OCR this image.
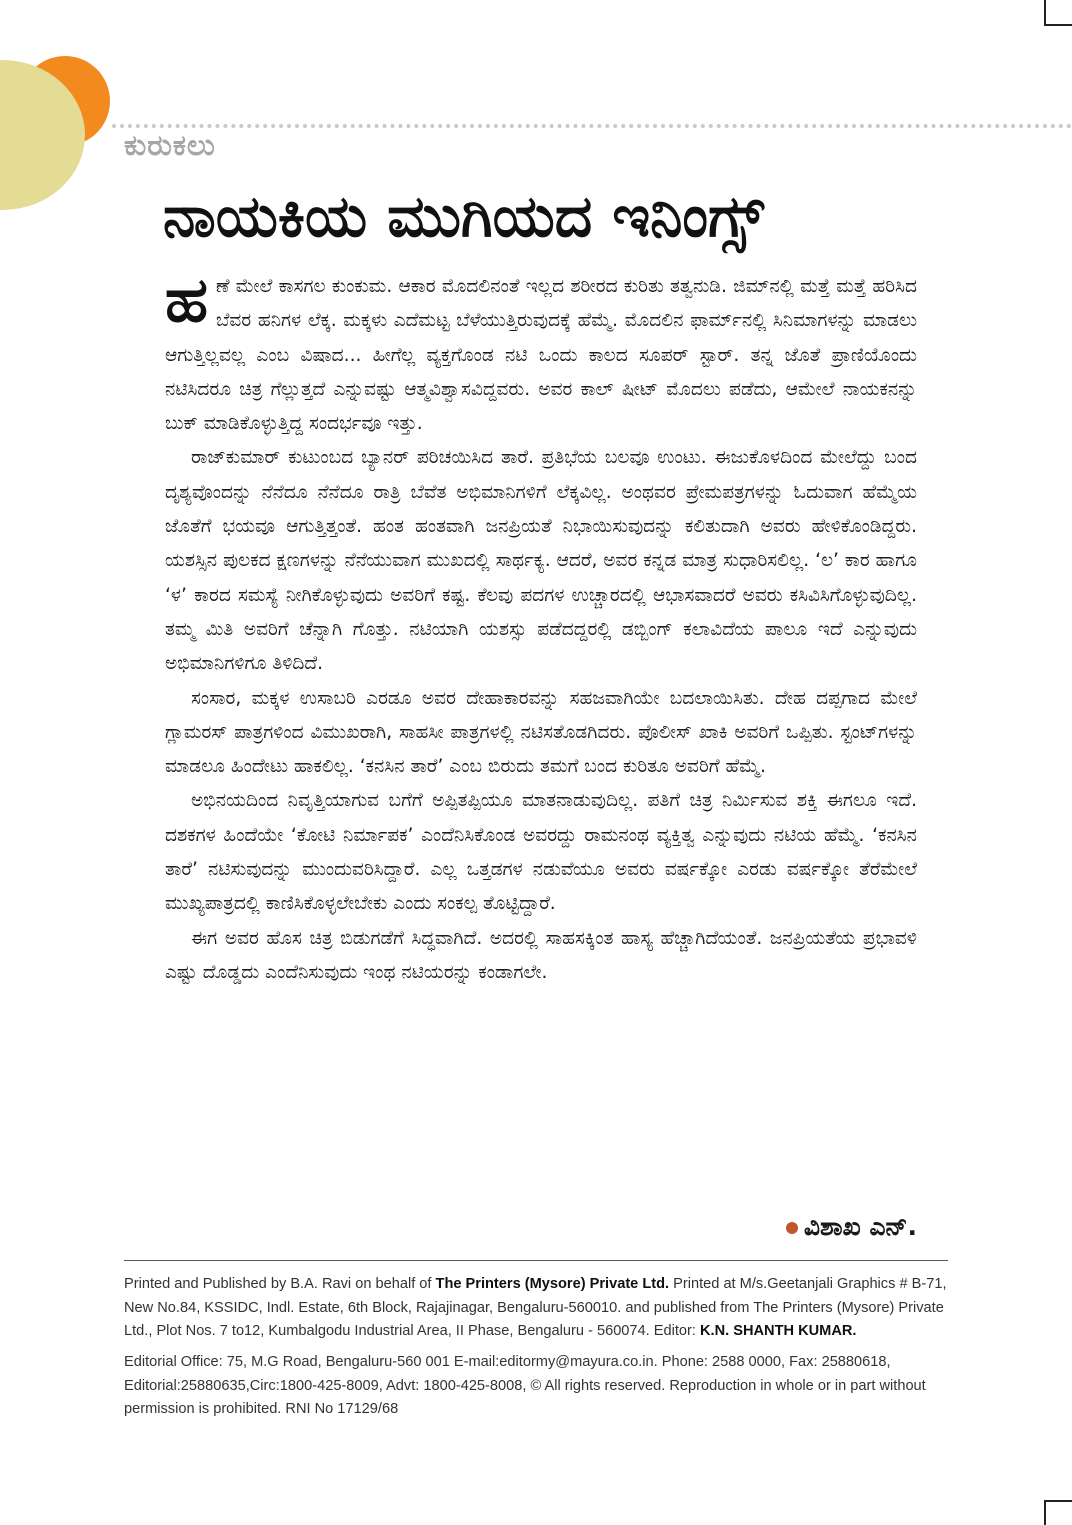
ಕುರುಕಲು
ನಾಯಕಿಯ ಮುಗಿಯದ ಇನಿಂಗ್ಸ್

ಹಣೆ ಮೇಲೆ ಕಾಸಗಲ ಕುಂಕುಮ. ಆಕಾರ ಮೊದಲಿನಂತೆ ಇಲ್ಲದ ಶರೀರದ ಕುರಿತು ತತ್ವನುಡಿ. ಜಿಮ್‌ನಲ್ಲಿ ಮತ್ತೆ ಮತ್ತೆ ಹರಿಸಿದ ಬೆವರ ಹನಿಗಳ ಲೆಕ್ಕ. ಮಕ್ಕಳು ಎದೆಮಟ್ಟ ಬೆಳೆಯುತ್ತಿರುವುದಕ್ಕೆ ಹೆಮ್ಮೆ. ಮೊದಲಿನ ಫಾರ್ಮ್‌ನಲ್ಲಿ ಸಿನಿಮಾಗಳನ್ನು ಮಾಡಲು ಆಗುತ್ತಿಲ್ಲವಲ್ಲ ಎಂಬ ವಿಷಾದ... ಹೀಗೆಲ್ಲ ವ್ಯಕ್ತಗೊಂಡ ನಟಿ ಒಂದು ಕಾಲದ ಸೂಪರ್ ಸ್ಟಾರ್. ತನ್ನ ಜೊತೆ ಪ್ರಾಣಿಯೊಂದು ನಟಿಸಿದರೂ ಚಿತ್ರ ಗೆಲ್ಲುತ್ತದೆ ಎನ್ನುವಷ್ಟು ಆತ್ಮವಿಶ್ವಾಸವಿದ್ದವರು. ಅವರ ಕಾಲ್ ಷೀಟ್ ಮೊದಲು ಪಡೆದು, ಆಮೇಲೆ ನಾಯಕನನ್ನು ಬುಕ್ ಮಾಡಿಕೊಳ್ಳುತ್ತಿದ್ದ ಸಂದರ್ಭವೂ ಇತ್ತು.

ರಾಜ್‌ಕುಮಾರ್ ಕುಟುಂಬದ ಬ್ಯಾನರ್ ಪರಿಚಯಿಸಿದ ತಾರೆ. ಪ್ರತಿಭೆಯ ಬಲವೂ ಉಂಟು. ಈಜುಕೊಳದಿಂದ ಮೇಲೆದ್ದು ಬಂದ ದೃಶ್ಯವೊಂದನ್ನು ನೆನೆದೂ ನೆನೆದೂ ರಾತ್ರಿ ಬೆವೆತ ಅಭಿಮಾನಿಗಳಿಗೆ ಲೆಕ್ಕವಿಲ್ಲ. ಅಂಥವರ ಪ್ರೇಮಪತ್ರಗಳನ್ನು ಓದುವಾಗ ಹೆಮ್ಮೆಯ ಜೊತೆಗೆ ಭಯವೂ ಆಗುತ್ತಿತ್ತಂತೆ. ಹಂತ ಹಂತವಾಗಿ ಜನಪ್ರಿಯತೆ ನಿಭಾಯಿಸುವುದನ್ನು ಕಲಿತುದಾಗಿ ಅವರು ಹೇಳಿಕೊಂಡಿದ್ದರು. ಯಶಸ್ಸಿನ ಪುಲಕದ ಕ್ಷಣಗಳನ್ನು ನೆನೆಯುವಾಗ ಮುಖದಲ್ಲಿ ಸಾರ್ಥಕ್ಯ. ಆದರೆ, ಅವರ ಕನ್ನಡ ಮಾತ್ರ ಸುಧಾರಿಸಲಿಲ್ಲ. ‘ಲ’ ಕಾರ ಹಾಗೂ ‘ಳ’ ಕಾರದ ಸಮಸ್ಯೆ ನೀಗಿಕೊಳ್ಳುವುದು ಅವರಿಗೆ ಕಷ್ಟ. ಕೆಲವು ಪದಗಳ ಉಚ್ಚಾರದಲ್ಲಿ ಆಭಾಸವಾದರೆ ಅವರು ಕಸಿವಿಸಿಗೊಳ್ಳುವುದಿಲ್ಲ. ತಮ್ಮ ಮಿತಿ ಅವರಿಗೆ ಚೆನ್ನಾಗಿ ಗೊತ್ತು. ನಟಿಯಾಗಿ ಯಶಸ್ಸು ಪಡೆದದ್ದರಲ್ಲಿ ಡಬ್ಬಿಂಗ್ ಕಲಾವಿದೆಯ ಪಾಲೂ ಇದೆ ಎನ್ನುವುದು ಅಭಿಮಾನಿಗಳಿಗೂ ತಿಳಿದಿದೆ.

ಸಂಸಾರ, ಮಕ್ಕಳ ಉಸಾಬರಿ ಎರಡೂ ಅವರ ದೇಹಾಕಾರವನ್ನು ಸಹಜವಾಗಿಯೇ ಬದಲಾಯಿಸಿತು. ದೇಹ ದಪ್ಪಗಾದ ಮೇಲೆ ಗ್ಲಾಮರಸ್ ಪಾತ್ರಗಳಿಂದ ವಿಮುಖರಾಗಿ, ಸಾಹಸೀ ಪಾತ್ರಗಳಲ್ಲಿ ನಟಿಸತೊಡಗಿದರು. ಪೊಲೀಸ್ ಖಾಕಿ ಅವರಿಗೆ ಒಪ್ಪಿತು. ಸ್ಟಂಟ್‌ಗಳನ್ನು ಮಾಡಲೂ ಹಿಂದೇಟು ಹಾಕಲಿಲ್ಲ. ‘ಕನಸಿನ ತಾರೆ’ ಎಂಬ ಬಿರುದು ತಮಗೆ ಬಂದ ಕುರಿತೂ ಅವರಿಗೆ ಹೆಮ್ಮೆ.

ಅಭಿನಯದಿಂದ ನಿವೃತ್ತಿಯಾಗುವ ಬಗೆಗೆ ಅಪ್ಪಿತಪ್ಪಿಯೂ ಮಾತನಾಡುವುದಿಲ್ಲ. ಪತಿಗೆ ಚಿತ್ರ ನಿರ್ಮಿಸುವ ಶಕ್ತಿ ಈಗಲೂ ಇದೆ. ದಶಕಗಳ ಹಿಂದೆಯೇ ‘ಕೋಟಿ ನಿರ್ಮಾಪಕ’ ಎಂದೆನಿಸಿಕೊಂಡ ಅವರದ್ದು ರಾಮನಂಥ ವ್ಯಕ್ತಿತ್ವ ಎನ್ನುವುದು ನಟಿಯ ಹೆಮ್ಮೆ. ‘ಕನಸಿನ ತಾರೆ’ ನಟಿಸುವುದನ್ನು ಮುಂದುವರಿಸಿದ್ದಾರೆ. ಎಲ್ಲ ಒತ್ತಡಗಳ ನಡುವೆಯೂ ಅವರು ವರ್ಷಕ್ಕೋ ಎರಡು ವರ್ಷಕ್ಕೋ ತೆರೆಮೇಲೆ ಮುಖ್ಯಪಾತ್ರದಲ್ಲಿ ಕಾಣಿಸಿಕೊಳ್ಳಲೇಬೇಕು ಎಂದು ಸಂಕಲ್ಪ ತೊಟ್ಟಿದ್ದಾರೆ.

ಈಗ ಅವರ ಹೊಸ ಚಿತ್ರ ಬಿಡುಗಡೆಗೆ ಸಿದ್ಧವಾಗಿದೆ. ಅದರಲ್ಲಿ ಸಾಹಸಕ್ಕಿಂತ ಹಾಸ್ಯ ಹೆಚ್ಚಾಗಿದೆಯಂತೆ. ಜನಪ್ರಿಯತೆಯ ಪ್ರಭಾವಳಿ ಎಷ್ಟು ದೊಡ್ಡದು ಎಂದೆನಿಸುವುದು ಇಂಥ ನಟಿಯರನ್ನು ಕಂಡಾಗಲೇ.

ವಿಶಾಖ ಎನ್.
Printed and Published by B.A. Ravi on behalf of The Printers (Mysore) Private Ltd. Printed at M/s.Geetanjali Graphics # B-71, New No.84, KSSIDC, Indl. Estate, 6th Block, Rajajinagar, Bengaluru-560010. and published from The Printers (Mysore) Private Ltd., Plot Nos. 7 to12, Kumbalgodu Industrial Area, II Phase, Bengaluru - 560074. Editor: K.N. SHANTH KUMAR.
Editorial Office: 75, M.G Road, Bengaluru-560 001 E-mail:editormy@mayura.co.in. Phone: 2588 0000, Fax: 25880618, Editorial:25880635,Circ:1800-425-8009, Advt: 1800-425-8008, © All rights reserved. Reproduction in whole or in part without permission is prohibited. RNI No 17129/68
